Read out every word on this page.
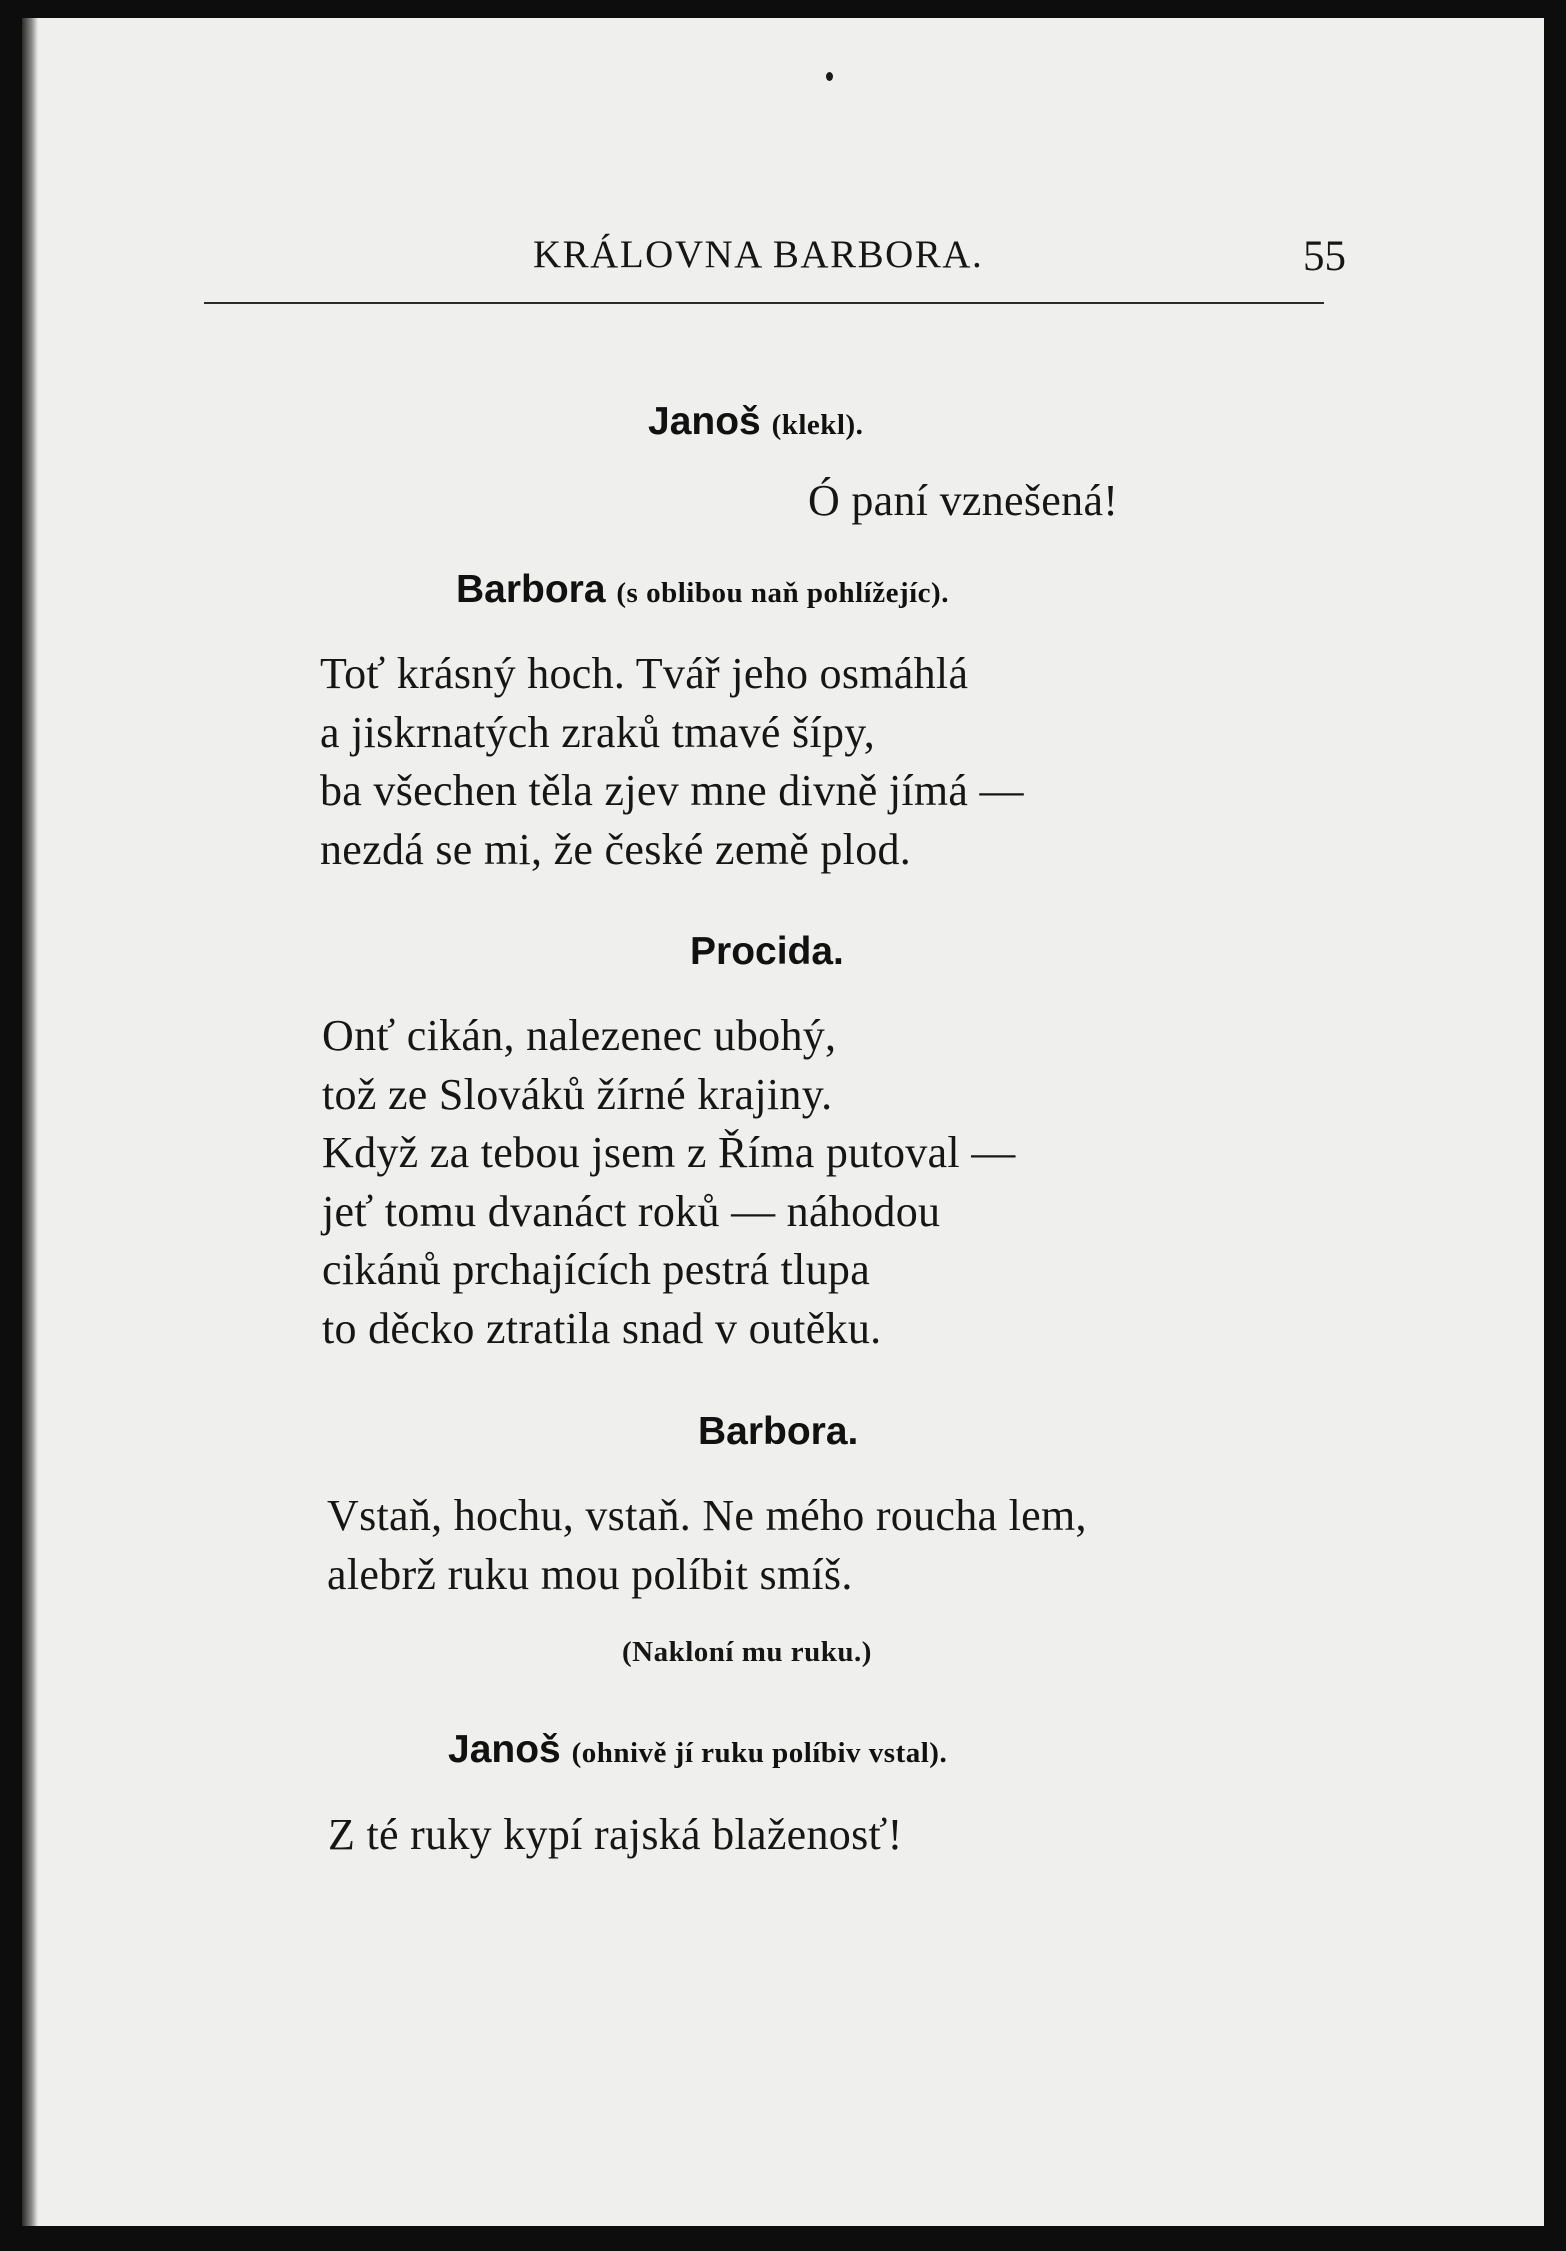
KRÁLOVNA BARBORA.	55
Janoš (klekl).
Ó paní vznešená!
Barbora (s oblibou naň pohlížejíc).
Toť krásný hoch. Tvář jeho osmáhlá
a jiskrnatých zraků tmavé šípy,
ba všechen těla zjev mne divně jímá —
nezdá se mi, že české země plod.
Procida.
Onť cikán, nalezenec ubohý,
tož ze Slováků žírné krajiny.
Když za tebou jsem z Říma putoval —
jeť tomu dvanáct roků — náhodou
cikánů prchajících pestrá tlupa
to děcko ztratila snad v outěku.
Barbora.
Vstaň, hochu, vstaň. Ne mého roucha lem,
alebrž ruku mou políbit smíš.
(Nakloní mu ruku.)
Janoš (ohnivě jí ruku políbiv vstal).
Z té ruky kypí rajská blaženosť!
